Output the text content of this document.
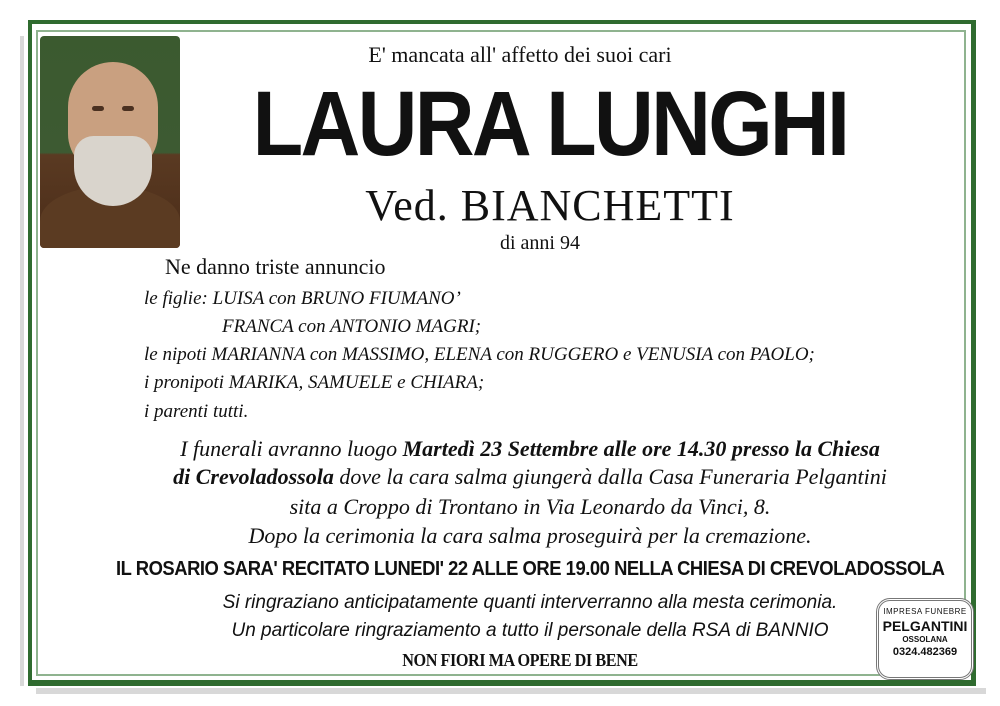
E' mancata all' affetto dei suoi cari
LAURA LUNGHI
Ved. BIANCHETTI
di anni 94
Ne danno triste annuncio
le figlie: LUISA con BRUNO FIUMANO’
FRANCA con ANTONIO MAGRI;
le nipoti MARIANNA con MASSIMO, ELENA con RUGGERO e VENUSIA con PAOLO;
i pronipoti MARIKA, SAMUELE e CHIARA;
i parenti tutti.
I funerali avranno luogo Martedì 23 Settembre alle ore 14.30 presso la Chiesa
di Crevoladossola dove la cara salma giungerà dalla Casa Funeraria Pelgantini
sita a Croppo di Trontano in Via Leonardo da Vinci, 8.
Dopo la cerimonia la cara salma proseguirà per la cremazione.
IL ROSARIO SARA' RECITATO LUNEDI' 22 ALLE ORE 19.00 NELLA CHIESA DI CREVOLADOSSOLA
Si ringraziano anticipatamente quanti interverranno alla mesta cerimonia.
Un particolare ringraziamento a tutto il personale della RSA di BANNIO
NON FIORI MA OPERE DI BENE
IMPRESA FUNEBRE
PELGANTINI
OSSOLANA
0324.482369
